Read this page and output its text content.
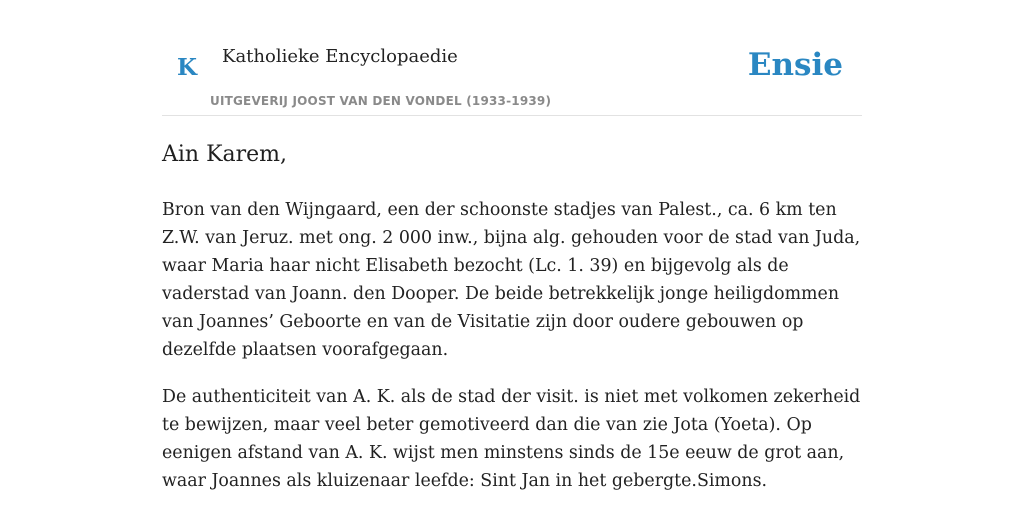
K Katholieke Encyclopaedie
UITGEVERIJ JOOST VAN DEN VONDEL (1933-1939)
Ensie
Ain Karem,

Bron van den Wijngaard, een der schoonste stadjes van Palest., ca. 6 km ten Z.W. van Jeruz. met ong. 2 000 inw., bijna alg. gehouden voor de stad van Juda, waar Maria haar nicht Elisabeth bezocht (Lc. 1. 39) en bijgevolg als de vaderstad van Joann. den Dooper. De beide betrekkelijk jonge heiligdommen van Joannes’ Geboorte en van de Visitatie zijn door oudere gebouwen op dezelfde plaatsen voorafgegaan.

De authenticiteit van A. K. als de stad der visit. is niet met volkomen zekerheid te bewijzen, maar veel beter gemotiveerd dan die van zie Jota (Yoeta). Op eenigen afstand van A. K. wijst men minstens sinds de 15e eeuw de grot aan, waar Joannes als kluizenaar leefde: Sint Jan in het gebergte.Simons.
